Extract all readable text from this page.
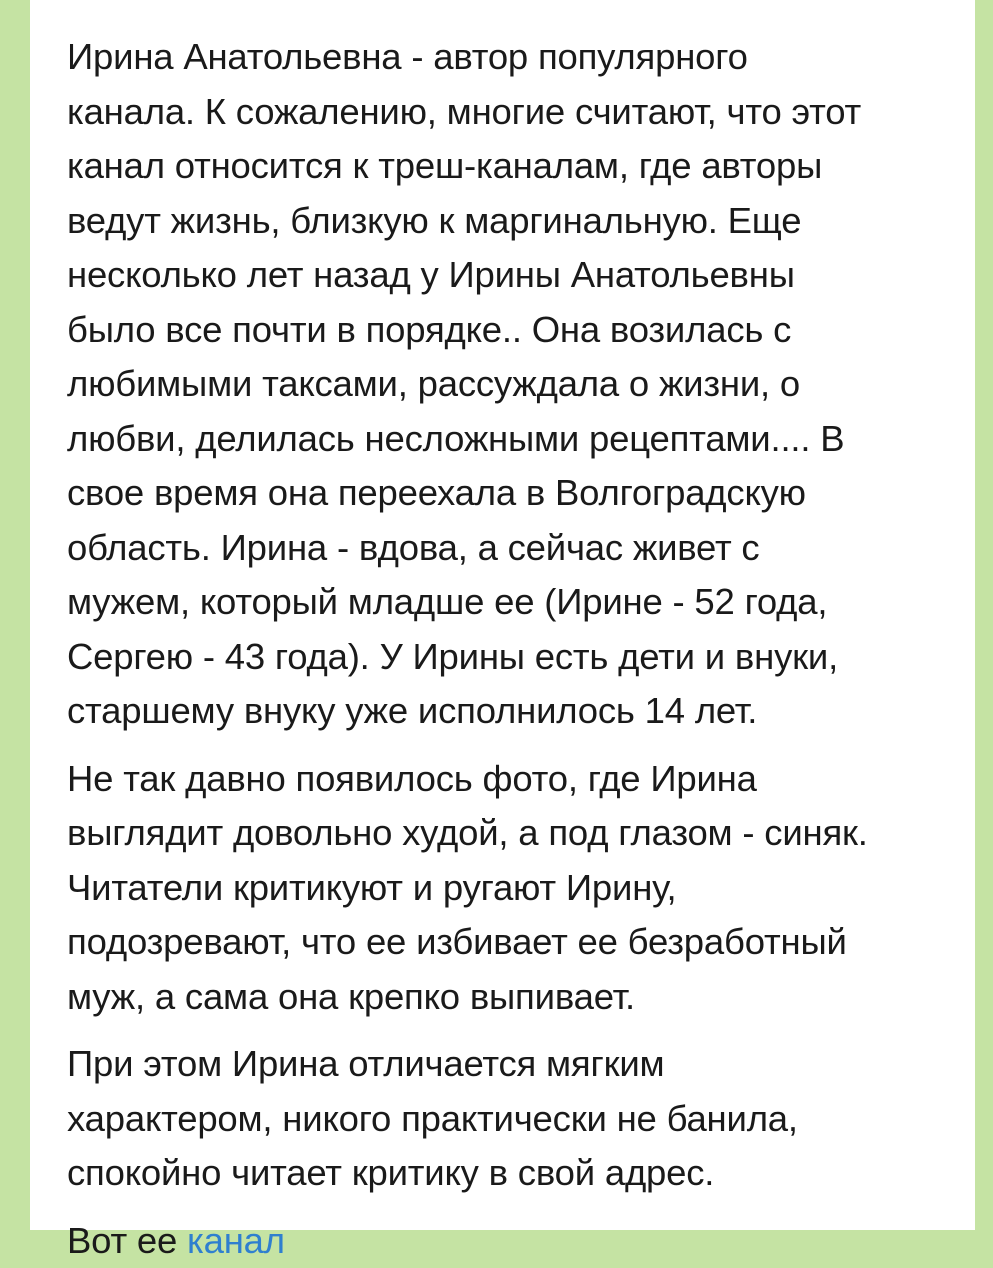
Ирина Анатольевна - автор популярного
канала. К сожалению, многие считают, что этот
канал относится к треш-каналам, где авторы
ведут жизнь, близкую к маргинальную. Еще
несколько лет назад у Ирины Анатольевны
было все почти в порядке.. Она возилась с
любимыми таксами, рассуждала о жизни, о
любви, делилась несложными рецептами.... В
свое время она переехала в Волгоградскую
область. Ирина - вдова, а сейчас живет с
мужем, который младше ее (Ирине - 52 года,
Сергею - 43 года). У Ирины есть дети и внуки,
старшему внуку уже исполнилось 14 лет.
Не так давно появилось фото, где Ирина
выглядит довольно худой, а под глазом - синяк.
Читатели критикуют и ругают Ирину,
подозревают, что ее избивает ее безработный
муж, а сама она крепко выпивает.
При этом Ирина отличается мягким
характером, никого практически не банила,
спокойно читает критику в свой адрес.
Вот ее канал
